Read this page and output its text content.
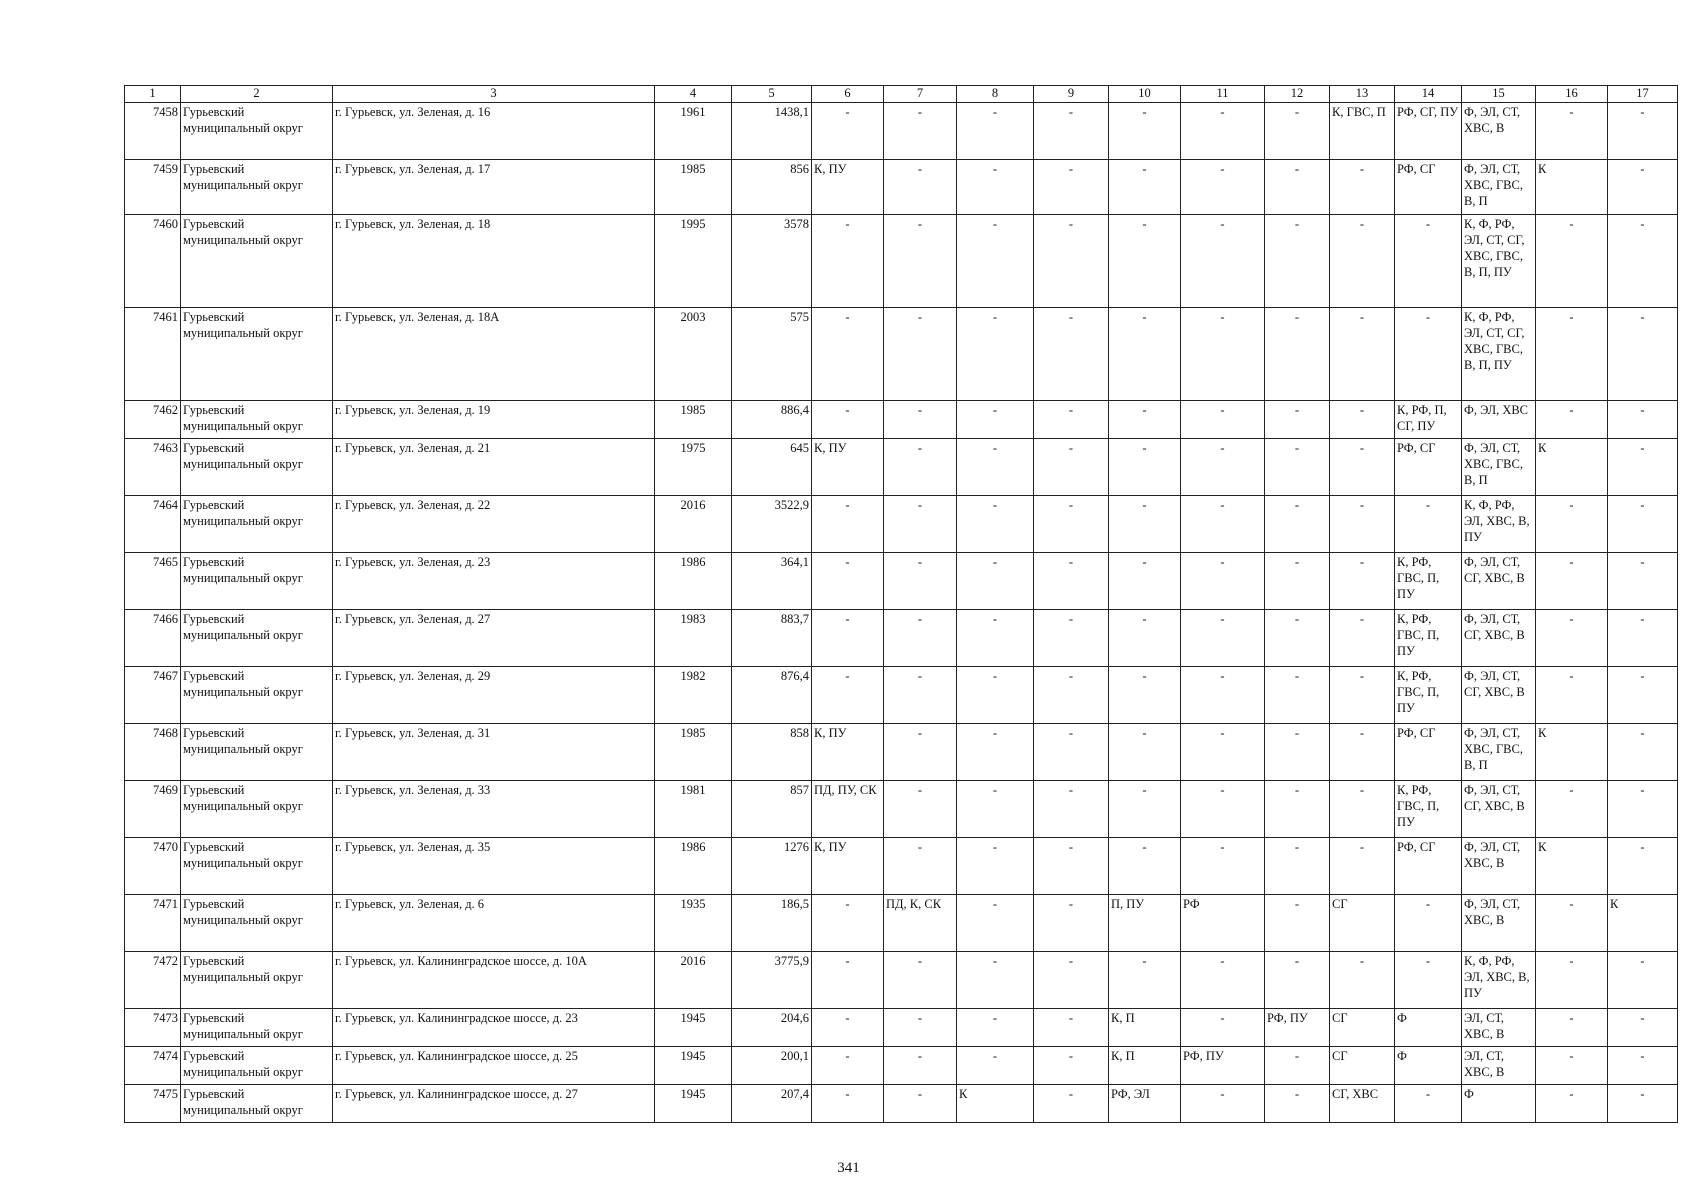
1	2	3	4	5	6	7	8	9	10	11	12	13	14	15	16	17
7458	Гурьевский муниципальный округ	г. Гурьевск, ул. Зеленая, д. 16	1961	1438,1	-	-	-	-	-	-	-	К, ГВС, П	РФ, СГ, ПУ	Ф, ЭЛ, СТ, ХВС, В	-	-
7459	Гурьевский муниципальный округ	г. Гурьевск, ул. Зеленая, д. 17	1985	856	К, ПУ	-	-	-	-	-	-	-	РФ, СГ	Ф, ЭЛ, СТ, ХВС, ГВС, В, П	К	-
7460	Гурьевский муниципальный округ	г. Гурьевск, ул. Зеленая, д. 18	1995	3578	-	-	-	-	-	-	-	-	-	К, Ф, РФ, ЭЛ, СТ, СГ, ХВС, ГВС, В, П, ПУ	-	-
7461	Гурьевский муниципальный округ	г. Гурьевск, ул. Зеленая, д. 18А	2003	575	-	-	-	-	-	-	-	-	-	К, Ф, РФ, ЭЛ, СТ, СГ, ХВС, ГВС, В, П, ПУ	-	-
7462	Гурьевский муниципальный округ	г. Гурьевск, ул. Зеленая, д. 19	1985	886,4	-	-	-	-	-	-	-	-	К, РФ, П, СГ, ПУ	Ф, ЭЛ, ХВС	-	-
7463	Гурьевский муниципальный округ	г. Гурьевск, ул. Зеленая, д. 21	1975	645	К, ПУ	-	-	-	-	-	-	-	РФ, СГ	Ф, ЭЛ, СТ, ХВС, ГВС, В, П	К	-
7464	Гурьевский муниципальный округ	г. Гурьевск, ул. Зеленая, д. 22	2016	3522,9	-	-	-	-	-	-	-	-	-	К, Ф, РФ, ЭЛ, ХВС, В, ПУ	-	-
7465	Гурьевский муниципальный округ	г. Гурьевск, ул. Зеленая, д. 23	1986	364,1	-	-	-	-	-	-	-	-	К, РФ, ГВС, П, ПУ	Ф, ЭЛ, СТ, СГ, ХВС, В	-	-
7466	Гурьевский муниципальный округ	г. Гурьевск, ул. Зеленая, д. 27	1983	883,7	-	-	-	-	-	-	-	-	К, РФ, ГВС, П, ПУ	Ф, ЭЛ, СТ, СГ, ХВС, В	-	-
7467	Гурьевский муниципальный округ	г. Гурьевск, ул. Зеленая, д. 29	1982	876,4	-	-	-	-	-	-	-	-	К, РФ, ГВС, П, ПУ	Ф, ЭЛ, СТ, СГ, ХВС, В	-	-
7468	Гурьевский муниципальный округ	г. Гурьевск, ул. Зеленая, д. 31	1985	858	К, ПУ	-	-	-	-	-	-	-	РФ, СГ	Ф, ЭЛ, СТ, ХВС, ГВС, В, П	К	-
7469	Гурьевский муниципальный округ	г. Гурьевск, ул. Зеленая, д. 33	1981	857	ПД, ПУ, СК	-	-	-	-	-	-	-	К, РФ, ГВС, П, ПУ	Ф, ЭЛ, СТ, СГ, ХВС, В	-	-
7470	Гурьевский муниципальный округ	г. Гурьевск, ул. Зеленая, д. 35	1986	1276	К, ПУ	-	-	-	-	-	-	-	РФ, СГ	Ф, ЭЛ, СТ, ХВС, В	К	-
7471	Гурьевский муниципальный округ	г. Гурьевск, ул. Зеленая, д. 6	1935	186,5	-	ПД, К, СК	-	-	П, ПУ	РФ	-	СГ	-	Ф, ЭЛ, СТ, ХВС, В	-	К
7472	Гурьевский муниципальный округ	г. Гурьевск, ул. Калининградское шоссе, д. 10А	2016	3775,9	-	-	-	-	-	-	-	-	-	К, Ф, РФ, ЭЛ, ХВС, В, ПУ	-	-
7473	Гурьевский муниципальный округ	г. Гурьевск, ул. Калининградское шоссе, д. 23	1945	204,6	-	-	-	-	К, П	-	РФ, ПУ	СГ	Ф	ЭЛ, СТ, ХВС, В	-	-
7474	Гурьевский муниципальный округ	г. Гурьевск, ул. Калининградское шоссе, д. 25	1945	200,1	-	-	-	-	К, П	РФ, ПУ	-	СГ	Ф	ЭЛ, СТ, ХВС, В	-	-
7475	Гурьевский муниципальный округ	г. Гурьевск, ул. Калининградское шоссе, д. 27	1945	207,4	-	-	К	-	РФ, ЭЛ	-	-	СГ, ХВС	-	Ф	-	-
341
